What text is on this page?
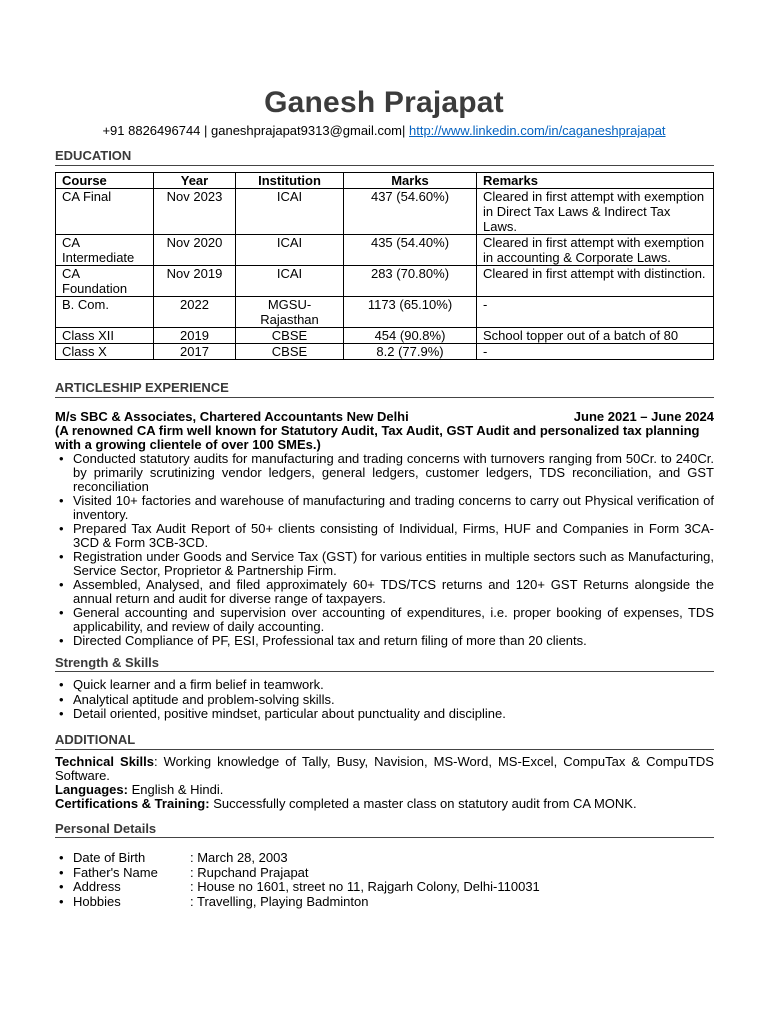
Ganesh Prajapat
+91 8826496744 | ganeshprajapat9313@gmail.com| http://www.linkedin.com/in/caganeshprajapat
EDUCATION
Course	Year	Institution	Marks	Remarks
CA Final	Nov 2023	ICAI	437 (54.60%)	Cleared in first attempt with exemption in Direct Tax Laws & Indirect Tax Laws.
CA Intermediate	Nov 2020	ICAI	435 (54.40%)	Cleared in first attempt with exemption in accounting & Corporate Laws.
CA Foundation	Nov 2019	ICAI	283 (70.80%)	Cleared in first attempt with distinction.
B. Com.	2022	MGSU-Rajasthan	1173 (65.10%)	-
Class XII	2019	CBSE	454 (90.8%)	School topper out of a batch of 80
Class X	2017	CBSE	8.2 (77.9%)	-
ARTICLESHIP EXPERIENCE
M/s SBC & Associates, Chartered Accountants New Delhi	June 2021 – June 2024
(A renowned CA firm well known for Statutory Audit, Tax Audit, GST Audit and personalized tax planning with a growing clientele of over 100 SMEs.)
• Conducted statutory audits for manufacturing and trading concerns with turnovers ranging from 50Cr. to 240Cr. by primarily scrutinizing vendor ledgers, general ledgers, customer ledgers, TDS reconciliation, and GST reconciliation
• Visited 10+ factories and warehouse of manufacturing and trading concerns to carry out Physical verification of inventory.
• Prepared Tax Audit Report of 50+ clients consisting of Individual, Firms, HUF and Companies in Form 3CA-3CD & Form 3CB-3CD.
• Registration under Goods and Service Tax (GST) for various entities in multiple sectors such as Manufacturing, Service Sector, Proprietor & Partnership Firm.
• Assembled, Analysed, and filed approximately 60+ TDS/TCS returns and 120+ GST Returns alongside the annual return and audit for diverse range of taxpayers.
• General accounting and supervision over accounting of expenditures, i.e. proper booking of expenses, TDS applicability, and review of daily accounting.
• Directed Compliance of PF, ESI, Professional tax and return filing of more than 20 clients.
Strength & Skills
• Quick learner and a firm belief in teamwork.
• Analytical aptitude and problem-solving skills.
• Detail oriented, positive mindset, particular about punctuality and discipline.
ADDITIONAL
Technical Skills: Working knowledge of Tally, Busy, Navision, MS-Word, MS-Excel, CompuTax & CompuTDS Software.
Languages: English & Hindi.
Certifications & Training: Successfully completed a master class on statutory audit from CA MONK.
Personal Details
• Date of Birth	: March 28, 2003
• Father's Name	: Rupchand Prajapat
• Address	: House no 1601, street no 11, Rajgarh Colony, Delhi-110031
• Hobbies	: Travelling, Playing Badminton
